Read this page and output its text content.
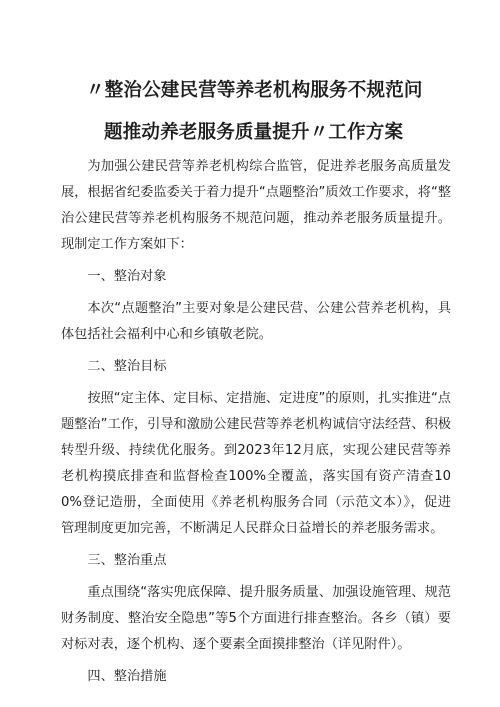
〃整治公建民营等养老机构服务不规范问
题推动养老服务质量提升〃工作方案

为加强公建民营等养老机构综合监管，促进养老服务高质量发展，根据省纪委监委关于着力提升“点题整治”质效工作要求，将“整治公建民营等养老机构服务不规范问题，推动养老服务质量提升。现制定工作方案如下：

一、整治对象

本次“点题整治”主要对象是公建民营、公建公营养老机构，具体包括社会福利中心和乡镇敬老院。

二、整治目标

按照“定主体、定目标、定措施、定进度”的原则，扎实推进“点题整治”工作，引导和激励公建民营等养老机构诚信守法经营、积极转型升级、持续优化服务。到2023年12月底，实现公建民营等养老机构摸底排查和监督检查100%全覆盖，落实国有资产清查100%登记造册，全面使用《养老机构服务合同（示范文本）》，促进管理制度更加完善，不断满足人民群众日益增长的养老服务需求。

三、整治重点

重点围绕“落实兜底保障、提升服务质量、加强设施管理、规范财务制度、整治安全隐患”等5个方面进行排查整治。各乡（镇）要对标对表，逐个机构、逐个要素全面摸排整治（详见附件）。

四、整治措施
